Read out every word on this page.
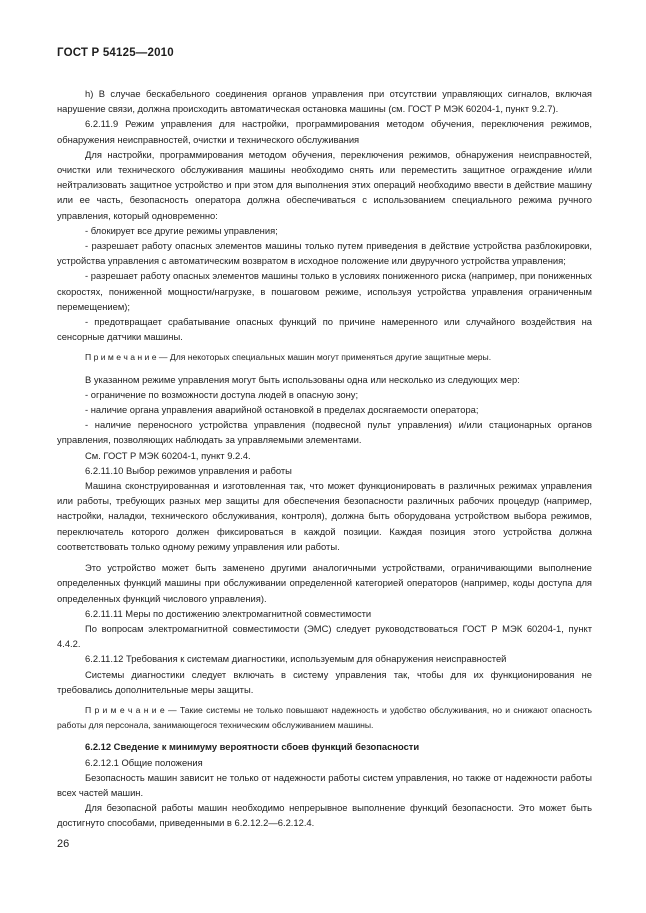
ГОСТ Р 54125—2010

h) В случае бескабельного соединения органов управления при отсутствии управляющих сигналов, включая нарушение связи, должна происходить автоматическая остановка машины (см. ГОСТ Р МЭК 60204-1, пункт 9.2.7).

6.2.11.9 Режим управления для настройки, программирования методом обучения, переключения режимов, обнаружения неисправностей, очистки и технического обслуживания

Для настройки, программирования методом обучения, переключения режимов, обнаружения неисправностей, очистки или технического обслуживания машины необходимо снять или переместить защитное ограждение и/или нейтрализовать защитное устройство и при этом для выполнения этих операций необходимо ввести в действие машину или ее часть, безопасность оператора должна обеспечиваться с использованием специального режима ручного управления, который одновременно:

- блокирует все другие режимы управления;

- разрешает работу опасных элементов машины только путем приведения в действие устройства разблокировки, устройства управления с автоматическим возвратом в исходное положение или двуручного устройства управления;

- разрешает работу опасных элементов машины только в условиях пониженного риска (например, при пониженных скоростях, пониженной мощности/нагрузке, в пошаговом режиме, используя устройства управления ограниченным перемещением);

- предотвращает срабатывание опасных функций по причине намеренного или случайного воздействия на сенсорные датчики машины.

П р и м е ч а н и е — Для некоторых специальных машин могут применяться другие защитные меры.

В указанном режиме управления могут быть использованы одна или несколько из следующих мер:

- ограничение по возможности доступа людей в опасную зону;

- наличие органа управления аварийной остановкой в пределах досягаемости оператора;

- наличие переносного устройства управления (подвесной пульт управления) и/или стационарных органов управления, позволяющих наблюдать за управляемыми элементами.

См. ГОСТ Р МЭК 60204-1, пункт 9.2.4.

6.2.11.10 Выбор режимов управления и работы

Машина сконструированная и изготовленная так, что может функционировать в различных режимах управления или работы, требующих разных мер защиты для обеспечения безопасности различных рабочих процедур (например, настройки, наладки, технического обслуживания, контроля), должна быть оборудована устройством выбора режимов, переключатель которого должен фиксироваться в каждой позиции. Каждая позиция этого устройства должна соответствовать только одному режиму управления или работы.

Это устройство может быть заменено другими аналогичными устройствами, ограничивающими выполнение определенных функций машины при обслуживании определенной категорией операторов (например, коды доступа для определенных функций числового управления).

6.2.11.11 Меры по достижению электромагнитной совместимости

По вопросам электромагнитной совместимости (ЭМС) следует руководствоваться ГОСТ Р МЭК 60204-1, пункт 4.4.2.

6.2.11.12 Требования к системам диагностики, используемым для обнаружения неисправностей

Системы диагностики следует включать в систему управления так, чтобы для их функционирования не требовались дополнительные меры защиты.

П р и м е ч а н и е — Такие системы не только повышают надежность и удобство обслуживания, но и снижают опасность работы для персонала, занимающегося техническим обслуживанием машины.

6.2.12 Сведение к минимуму вероятности сбоев функций безопасности

6.2.12.1 Общие положения

Безопасность машин зависит не только от надежности работы систем управления, но также от надежности работы всех частей машин.

Для безопасной работы машин необходимо непрерывное выполнение функций безопасности. Это может быть достигнуто способами, приведенными в 6.2.12.2—6.2.12.4.

26
